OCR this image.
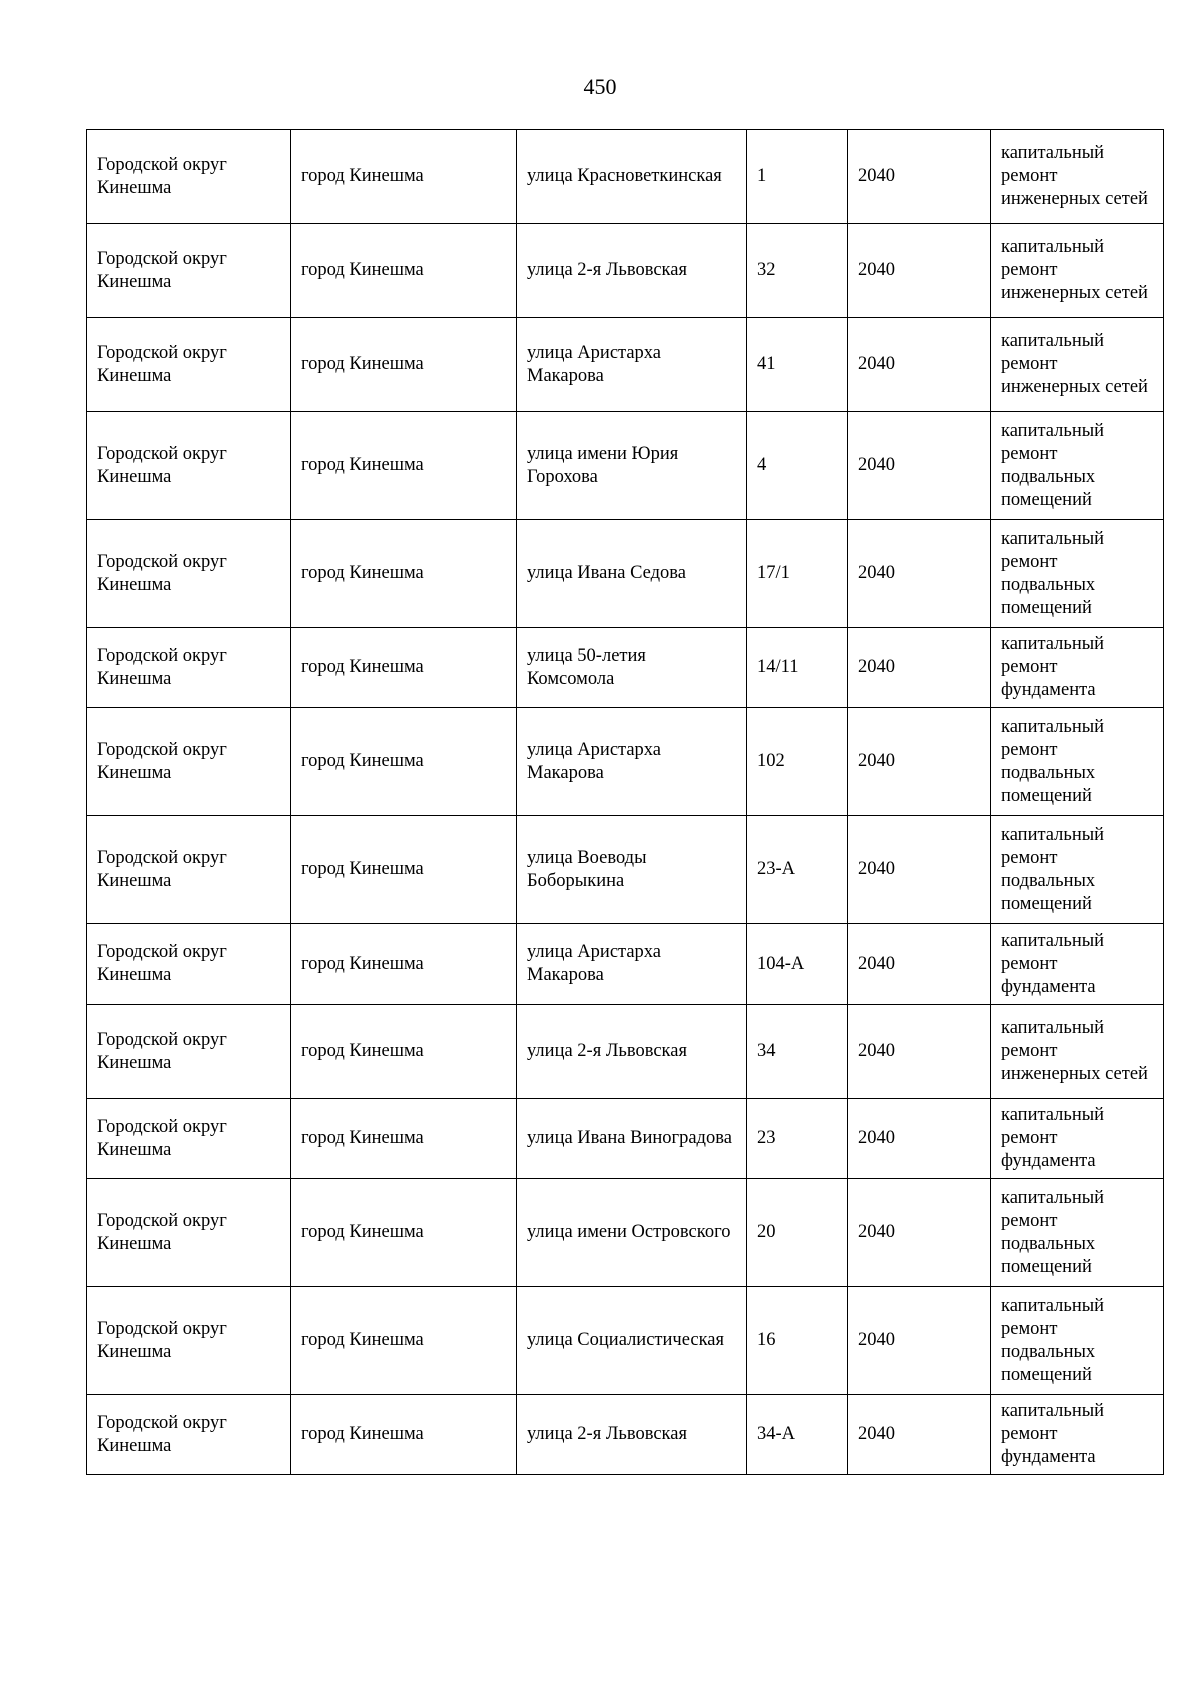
450
Городской округ Кинешма	город Кинешма	улица Красноветкинская	1	2040	капитальный ремонт инженерных сетей
Городской округ Кинешма	город Кинешма	улица 2-я Львовская	32	2040	капитальный ремонт инженерных сетей
Городской округ Кинешма	город Кинешма	улица Аристарха Макарова	41	2040	капитальный ремонт инженерных сетей
Городской округ Кинешма	город Кинешма	улица имени Юрия Горохова	4	2040	капитальный ремонт подвальных помещений
Городской округ Кинешма	город Кинешма	улица Ивана Седова	17/1	2040	капитальный ремонт подвальных помещений
Городской округ Кинешма	город Кинешма	улица 50-летия Комсомола	14/11	2040	капитальный ремонт фундамента
Городской округ Кинешма	город Кинешма	улица Аристарха Макарова	102	2040	капитальный ремонт подвальных помещений
Городской округ Кинешма	город Кинешма	улица Воеводы Боборыкина	23-А	2040	капитальный ремонт подвальных помещений
Городской округ Кинешма	город Кинешма	улица Аристарха Макарова	104-А	2040	капитальный ремонт фундамента
Городской округ Кинешма	город Кинешма	улица 2-я Львовская	34	2040	капитальный ремонт инженерных сетей
Городской округ Кинешма	город Кинешма	улица Ивана Виноградова	23	2040	капитальный ремонт фундамента
Городской округ Кинешма	город Кинешма	улица имени Островского	20	2040	капитальный ремонт подвальных помещений
Городской округ Кинешма	город Кинешма	улица Социалистическая	16	2040	капитальный ремонт подвальных помещений
Городской округ Кинешма	город Кинешма	улица 2-я Львовская	34-А	2040	капитальный ремонт фундамента
